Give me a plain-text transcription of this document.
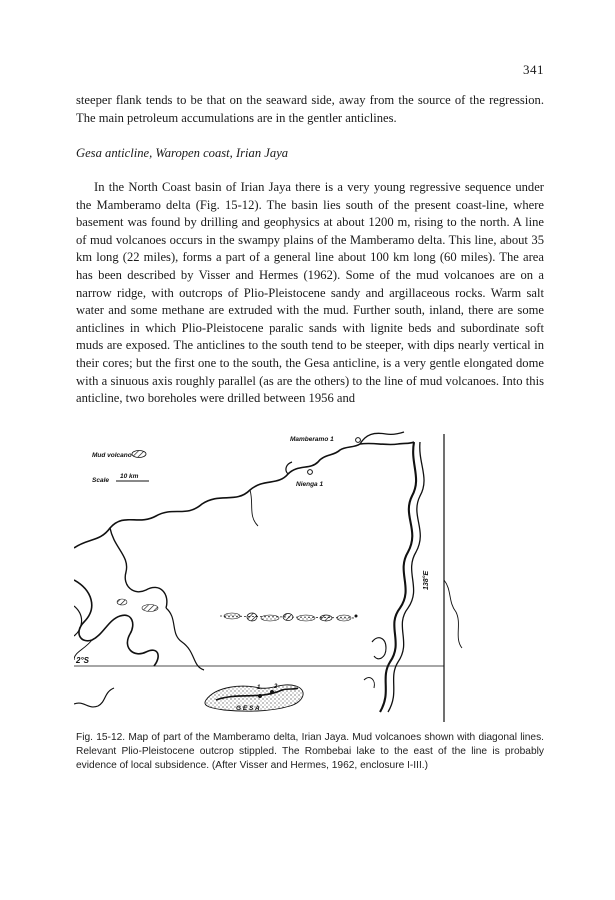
341

steeper flank tends to be that on the seaward side, away from the source of the regression. The main petroleum accumulations are in the gentler anticlines.

Gesa anticline, Waropen coast, Irian Jaya

In the North Coast basin of Irian Jaya there is a very young regressive sequence under the Mamberamo delta (Fig. 15-12). The basin lies south of the present coast-line, where basement was found by drilling and geophysics at about 1200 m, rising to the north. A line of mud volcanoes occurs in the swampy plains of the Mamberamo delta. This line, about 35 km long (22 miles), forms a part of a general line about 100 km long (60 miles). The area has been described by Visser and Hermes (1962). Some of the mud volcanoes are on a narrow ridge, with outcrops of Plio-Pleistocene sandy and argillaceous rocks. Warm salt water and some methane are extruded with the mud. Further south, inland, there are some anticlines in which Plio-Pleistocene paralic sands with lignite beds and subordinate soft muds are exposed. The anticlines to the south tend to be steeper, with dips nearly vertical in their cores; but the first one to the south, the Gesa anticline, is a very gentle elongated dome with a sinuous axis roughly parallel (as are the others) to the line of mud volcanoes. Into this anticline, two boreholes were drilled between 1956 and

Mud volcano
Scale
10 km
2°S
138°E
1 2
G E S A
Mamberamo 1
Nienga 1
Fig. 15-12. Map of part of the Mamberamo delta, Irian Jaya. Mud volcanoes shown with diagonal lines. Relevant Plio-Pleistocene outcrop stippled. The Rombebai lake to the east of the line is probably evidence of local subsidence. (After Visser and Hermes, 1962, enclosure I-III.)
